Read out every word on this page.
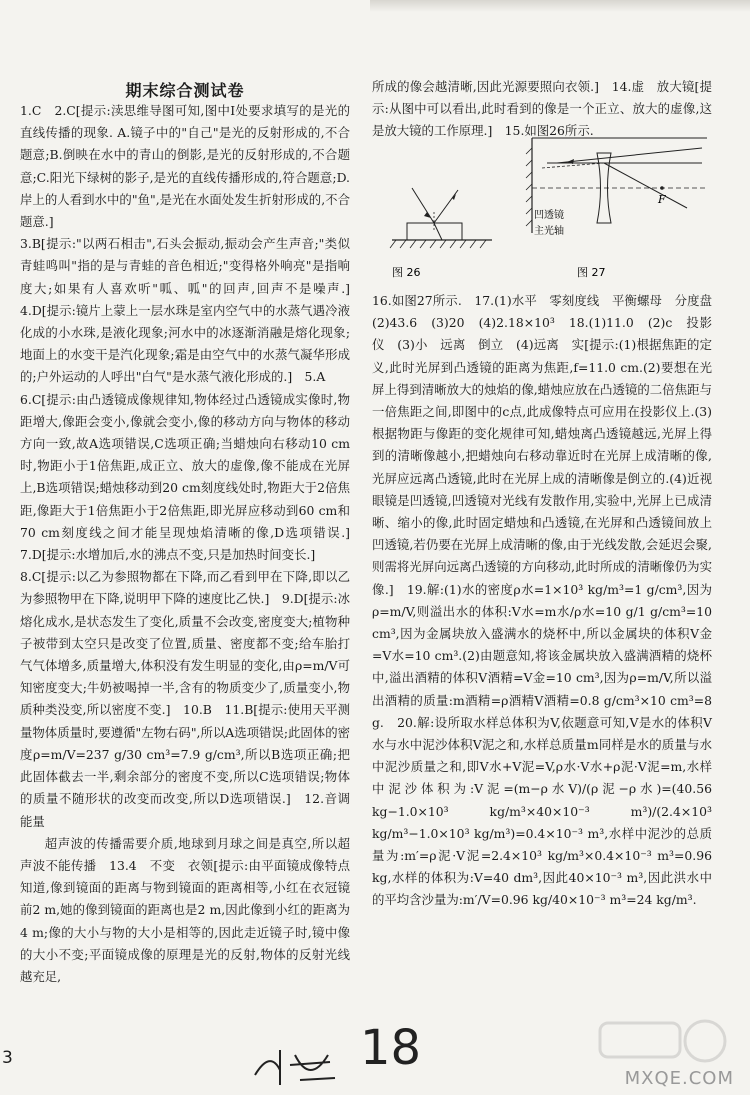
期末综合测试卷

1.C　2.C[提示:渎思维导图可知,图中Ⅰ处要求填写的是光的直线传播的现象. A.镜子中的"自己"是光的反射形成的,不合题意;B.倒映在水中的青山的倒影,是光的反射形成的,不合题意;C.阳光下绿树的影子,是光的直线传播形成的,符合题意;D.岸上的人看到水中的"鱼",是光在水面处发生折射形成的,不合题意.]

3.B[提示:"以两石相击",石头会振动,振动会产生声音;"类似青蛙鸣叫"指的是与青蛙的音色相近;"变得格外响亮"是指响度大;如果有人喜欢听"呱、呱"的回声,回声不是噪声.]　4.D[提示:镜片上蒙上一层水珠是室内空气中的水蒸气遇冷液化成的小水珠,是液化现象;河水中的冰逐渐消融是熔化现象;地面上的水变干是汽化现象;霜是由空气中的水蒸气凝华形成的;户外运动的人呼出"白气"是水蒸气液化形成的.]　5.A

6.C[提示:由凸透镜成像规律知,物体经过凸透镜成实像时,物距增大,像距会变小,像就会变小,像的移动方向与物体的移动方向一致,故A选项错误,C选项正确;当蜡烛向右移动10 cm时,物距小于1倍焦距,成正立、放大的虚像,像不能成在光屏上,B选项错误;蜡烛移动到20 cm刻度线处时,物距大于2倍焦距,像距大于1倍焦距小于2倍焦距,即光屏应移动到60 cm和70 cm刻度线之间才能呈现烛焰清晰的像,D选项错误.]　7.D[提示:水增加后,水的沸点不变,只是加热时间变长.]

8.C[提示:以乙为参照物都在下降,而乙看到甲在下降,即以乙为参照物甲在下降,说明甲下降的速度比乙快.]　9.D[提示:冰熔化成水,是状态发生了变化,质量不会改变,密度变大;植物种子被带到太空只是改变了位置,质量、密度都不变;给车胎打气气体增多,质量增大,体积没有发生明显的变化,由ρ=m/V可知密度变大;牛奶被喝掉一半,含有的物质变少了,质量变小,物质种类没变,所以密度不变.]　10.B　11.B[提示:使用天平测量物体质量时,要遵循"左物右码",所以A选项错误;此固体的密度ρ=m/V=237 g/30 cm³=7.9 g/cm³,所以B选项正确;把此固体截去一半,剩余部分的密度不变,所以C选项错误;物体的质量不随形状的改变而改变,所以D选项错误.]　12.音调　能量

超声波的传播需要介质,地球到月球之间是真空,所以超声波不能传播　13.4　不变　衣领[提示:由平面镜成像特点知道,像到镜面的距离与物到镜面的距离相等,小红在衣冠镜前2 m,她的像到镜面的距离也是2 m,因此像到小红的距离为4 m;像的大小与物的大小是相等的,因此走近镜子时,镜中像的大小不变;平面镜成像的原理是光的反射,物体的反射光线越充足,

所成的像会越清晰,因此光源要照向衣领.]　14.虚　放大镜[提示:从图中可以看出,此时看到的像是一个正立、放大的虚像,这是放大镜的工作原理.]　15.如图26所示.

图 26
F
凹透镜
主光轴
图 27

16.如图27所示.　17.(1)水平　零刻度线　平衡螺母　分度盘　(2)43.6　(3)20　(4)2.18×10³　18.(1)11.0　(2)c　投影仪　(3)小　远离　倒立　(4)远离　实[提示:(1)根据焦距的定义,此时光屏到凸透镜的距离为焦距,f=11.0 cm.(2)要想在光屏上得到清晰放大的烛焰的像,蜡烛应放在凸透镜的二倍焦距与一倍焦距之间,即图中的c点,此成像特点可应用在投影仪上.(3)根据物距与像距的变化规律可知,蜡烛离凸透镜越远,光屏上得到的清晰像越小,把蜡烛向右移动靠近时在光屏上成清晰的像,光屏应远离凸透镜,此时在光屏上成的清晰像是倒立的.(4)近视眼镜是凹透镜,凹透镜对光线有发散作用,实验中,光屏上已成清晰、缩小的像,此时固定蜡烛和凸透镜,在光屏和凸透镜间放上凹透镜,若仍要在光屏上成清晰的像,由于光线发散,会延迟会聚,则需将光屏向远离凸透镜的方向移动,此时所成的清晰像仍为实像.]　19.解:(1)水的密度ρ水=1×10³ kg/m³=1 g/cm³,因为ρ=m/V,则溢出水的体积:V水=m水/ρ水=10 g/1 g/cm³=10 cm³,因为金属块放入盛满水的烧杯中,所以金属块的体积V金=V水=10 cm³.(2)由题意知,将该金属块放入盛满酒精的烧杯中,溢出酒精的体积V酒精=V金=10 cm³,因为ρ=m/V,所以溢出酒精的质量:m酒精=ρ酒精V酒精=0.8 g/cm³×10 cm³=8 g.　20.解:设所取水样总体积为V,依题意可知,V是水的体积V水与水中泥沙体积V泥之和,水样总质量m同样是水的质量与水中泥沙质量之和,即V水+V泥=V,ρ水·V水+ρ泥·V泥=m,水样中泥沙体积为:V泥=(m−ρ水V)/(ρ泥−ρ水)=(40.56 kg−1.0×10³ kg/m³×40×10⁻³ m³)/(2.4×10³ kg/m³−1.0×10³ kg/m³)=0.4×10⁻³ m³,水样中泥沙的总质量为:m′=ρ泥·V泥=2.4×10³ kg/m³×0.4×10⁻³ m³=0.96 kg,水样的体积为:V=40 dm³,因此40×10⁻³ m³,因此洪水中的平均含沙量为:m′/V=0.96 kg/40×10⁻³ m³=24 kg/m³.

3	18
MXQE.COM
